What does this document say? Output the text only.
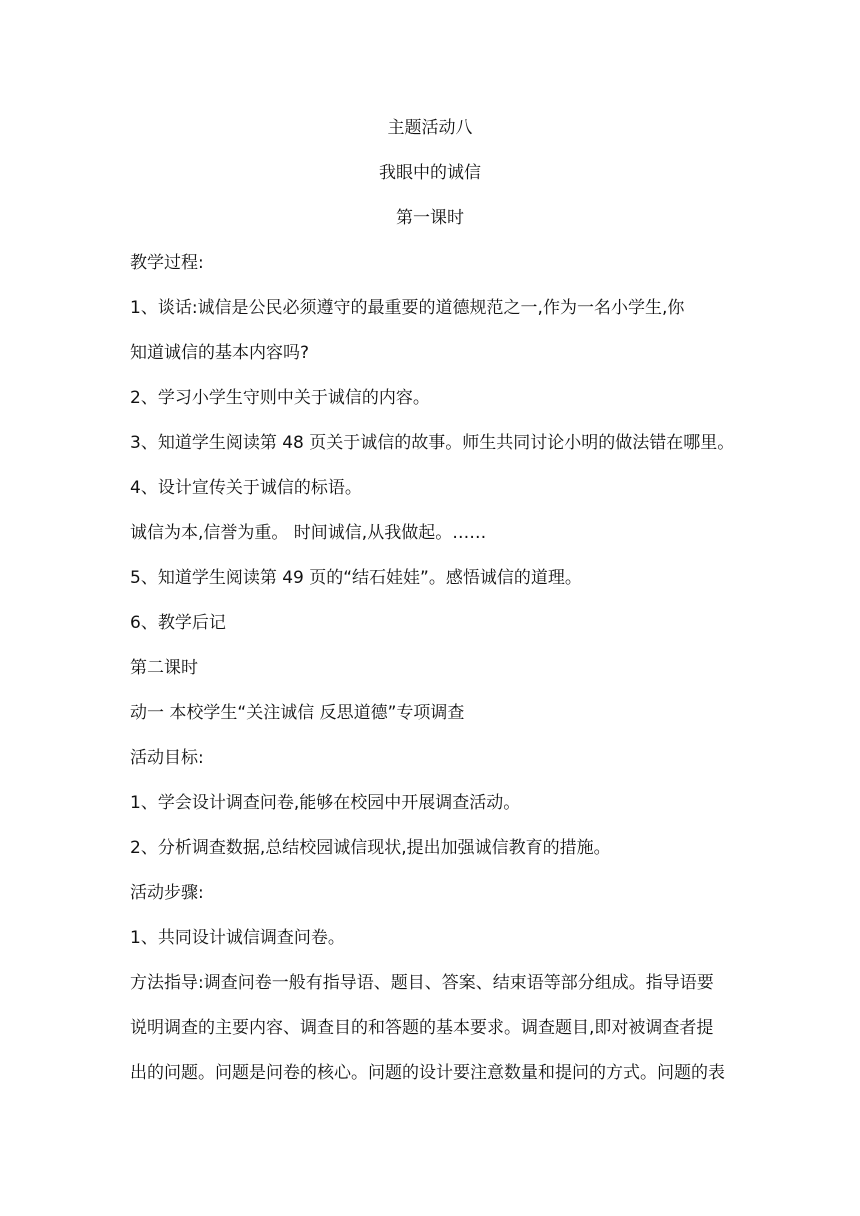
主题活动八
我眼中的诚信
第一课时
教学过程:
1、谈话:诚信是公民必须遵守的最重要的道德规范之一,作为一名小学生,你
知道诚信的基本内容吗?
2、学习小学生守则中关于诚信的内容。
3、知道学生阅读第 48 页关于诚信的故事。师生共同讨论小明的做法错在哪里。
4、设计宣传关于诚信的标语。
诚信为本,信誉为重。 时间诚信,从我做起。……
5、知道学生阅读第 49 页的“结石娃娃”。感悟诚信的道理。
6、教学后记
第二课时
动一 本校学生“关注诚信 反思道德”专项调查
活动目标:
1、学会设计调查问卷,能够在校园中开展调查活动。
2、分析调查数据,总结校园诚信现状,提出加强诚信教育的措施。
活动步骤:
1、共同设计诚信调查问卷。
方法指导:调查问卷一般有指导语、题目、答案、结束语等部分组成。指导语要
说明调查的主要内容、调查目的和答题的基本要求。调查题目,即对被调查者提
出的问题。问题是问卷的核心。问题的设计要注意数量和提问的方式。问题的表
